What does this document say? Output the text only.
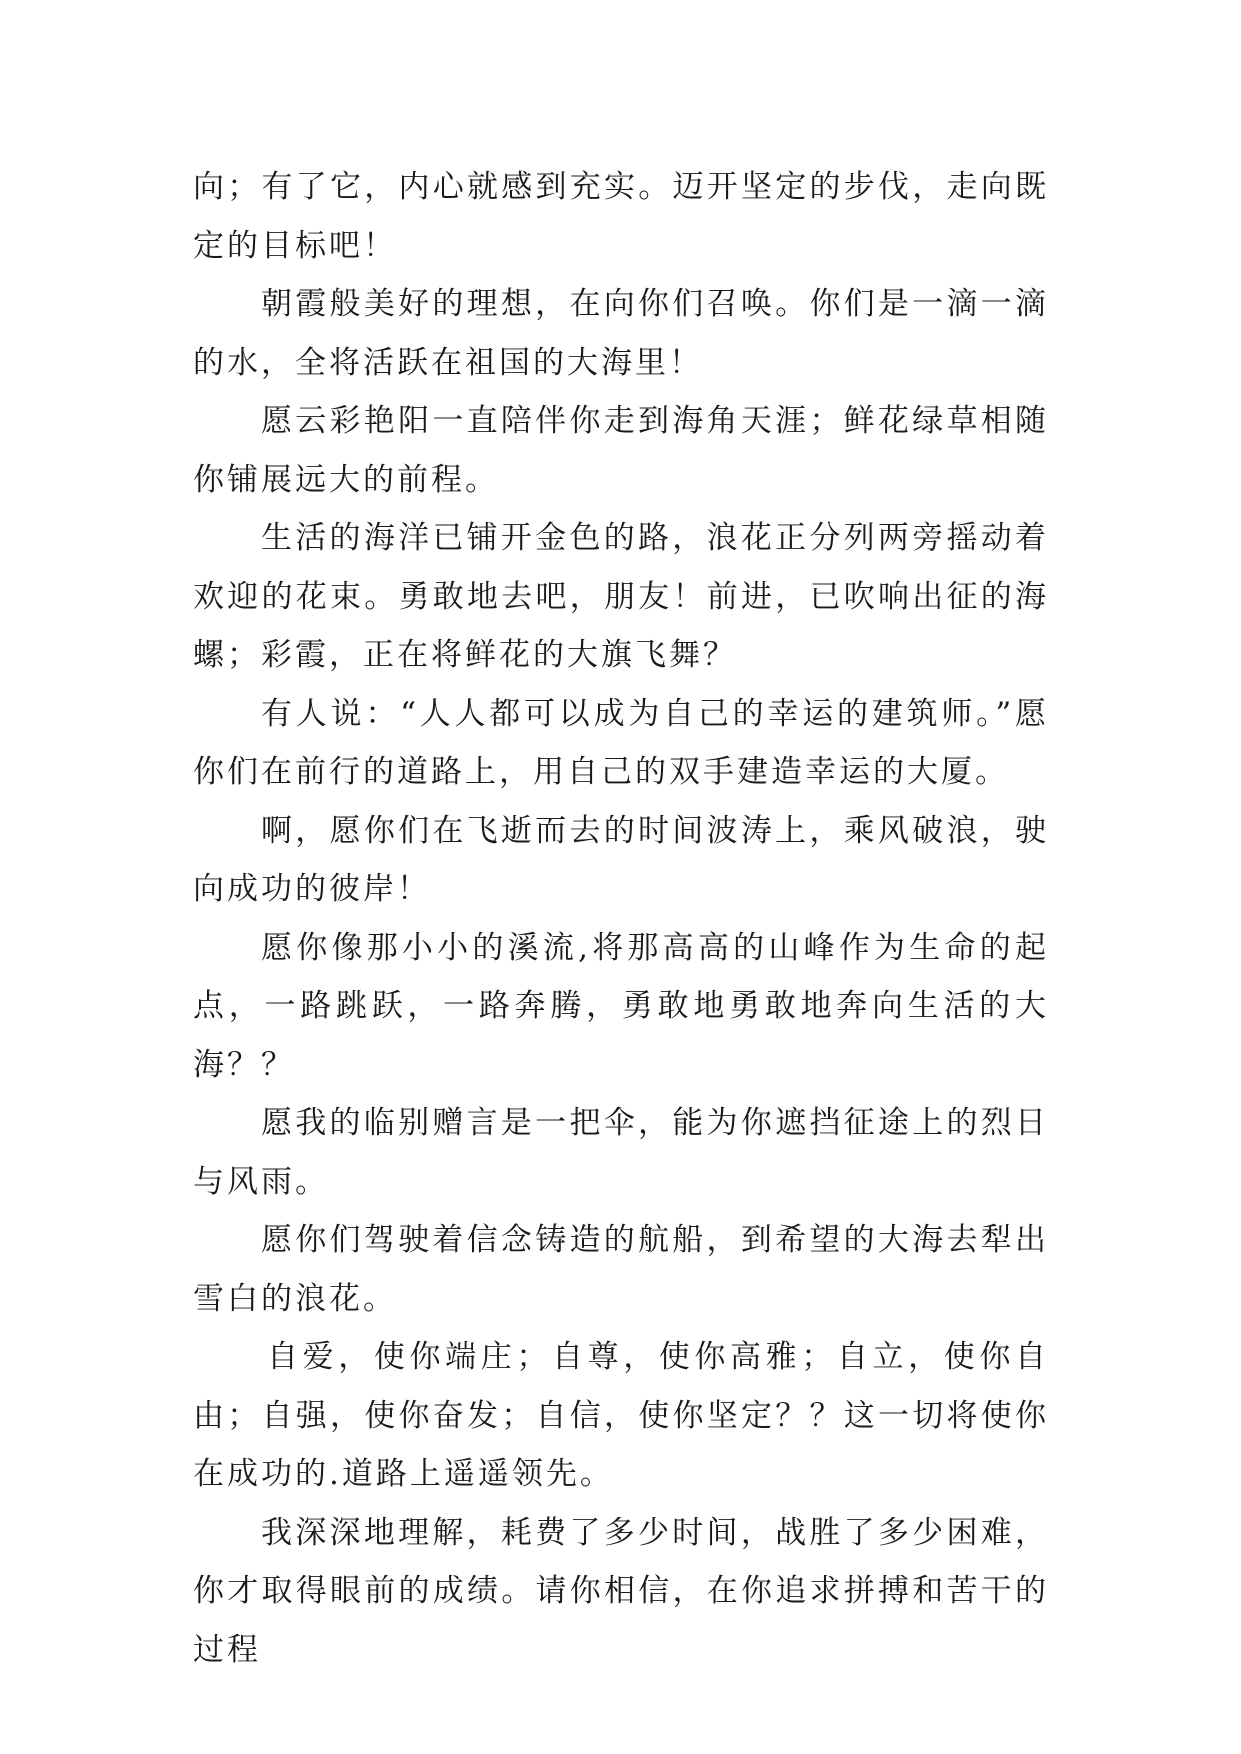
向；有了它，内心就感到充实。迈开坚定的步伐，走向既定的目标吧！

朝霞般美好的理想，在向你们召唤。你们是一滴一滴的水，全将活跃在祖国的大海里！

愿云彩艳阳一直陪伴你走到海角天涯；鲜花绿草相随你铺展远大的前程。

生活的海洋已铺开金色的路，浪花正分列两旁摇动着欢迎的花束。勇敢地去吧，朋友！前进，已吹响出征的海螺；彩霞，正在将鲜花的大旗飞舞？

有人说：“人人都可以成为自己的幸运的建筑师。”愿你们在前行的道路上，用自己的双手建造幸运的大厦。

啊，愿你们在飞逝而去的时间波涛上，乘风破浪，驶向成功的彼岸！

愿你像那小小的溪流,将那高高的山峰作为生命的起点，一路跳跃，一路奔腾，勇敢地勇敢地奔向生活的大海？？

愿我的临别赠言是一把伞，能为你遮挡征途上的烈日与风雨。

愿你们驾驶着信念铸造的航船，到希望的大海去犁出雪白的浪花。

自爱，使你端庄；自尊，使你高雅；自立，使你自由；自强，使你奋发；自信，使你坚定？？这一切将使你在成功的.道路上遥遥领先。

我深深地理解，耗费了多少时间，战胜了多少困难，你才取得眼前的成绩。请你相信，在你追求拼搏和苦干的过程
